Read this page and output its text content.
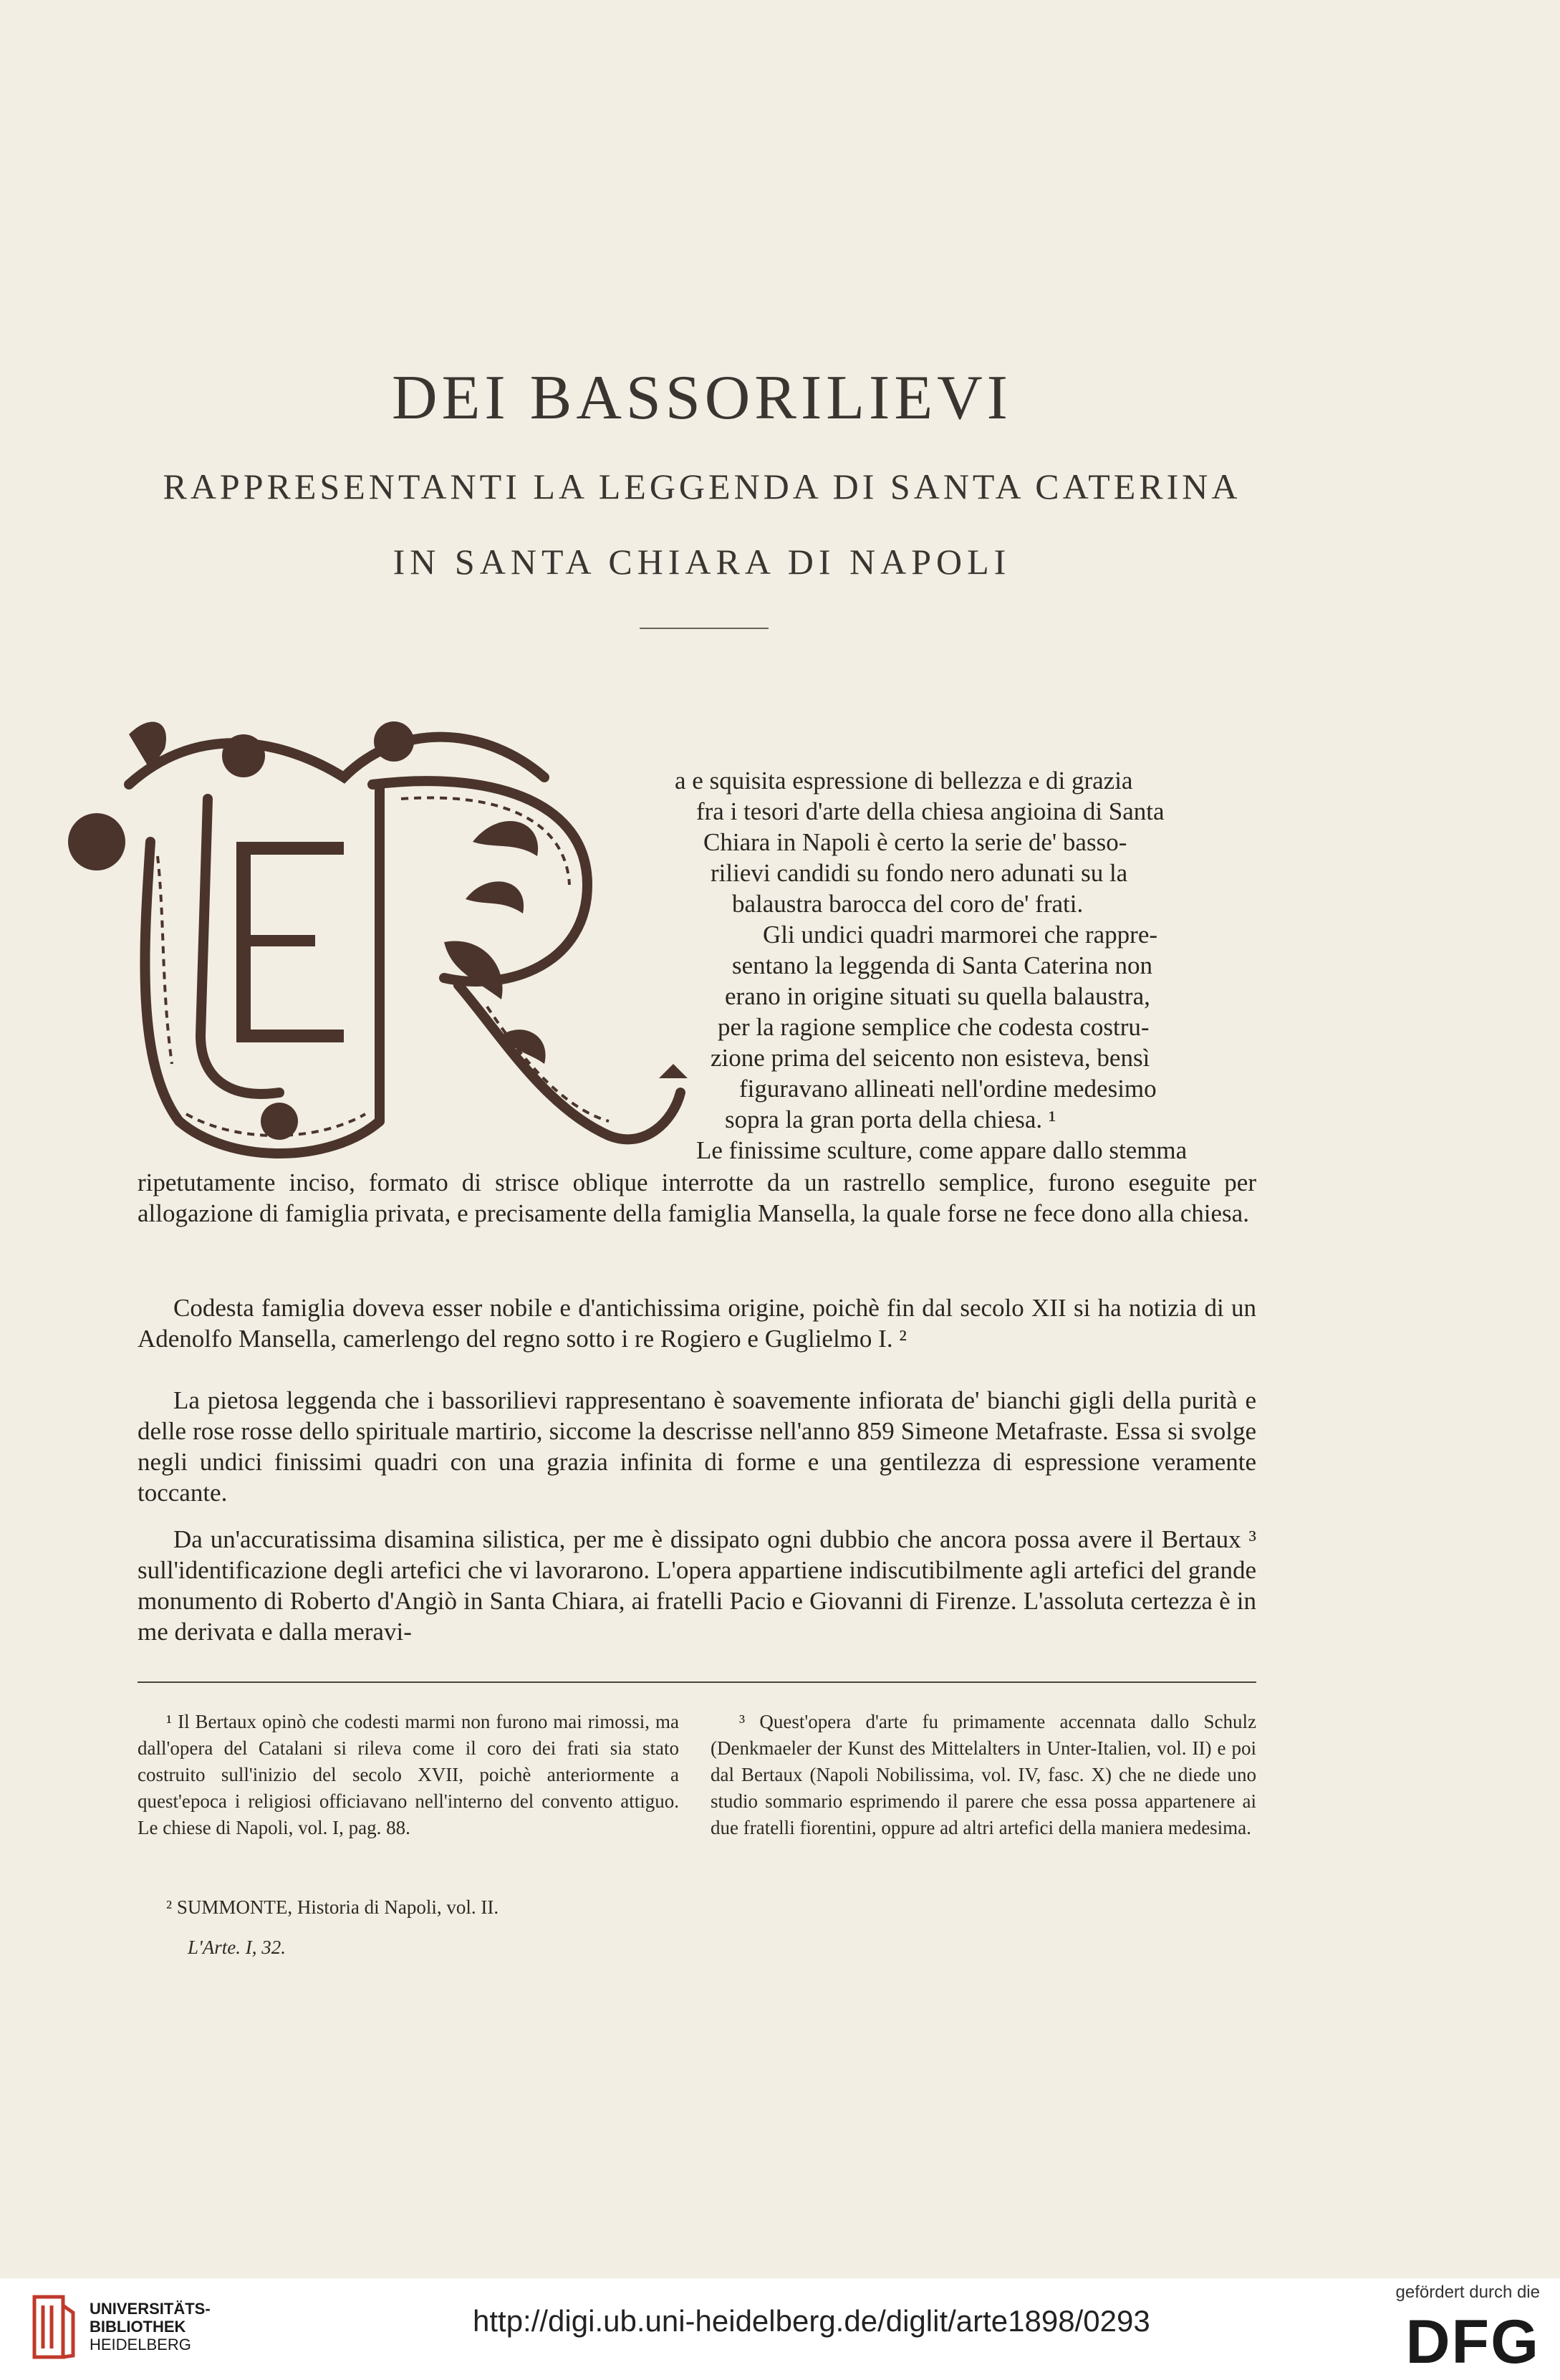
DEI BASSORILIEVI
RAPPRESENTANTI LA LEGGENDA DI SANTA CATERINA
IN SANTA CHIARA DI NAPOLI
a e squisita espressione di bellezza e di grazia
fra i tesori d'arte della chiesa angioina di Santa
Chiara in Napoli è certo la serie de' basso-
rilievi candidi su fondo nero adunati su la
balaustra barocca del coro de' frati.
Gli undici quadri marmorei che rappre-
sentano la leggenda di Santa Caterina non
erano in origine situati su quella balaustra,
per la ragione semplice che codesta costru-
zione prima del seicento non esisteva, bensì
figuravano allineati nell'ordine medesimo
sopra la gran porta della chiesa. ¹
Le finissime sculture, come appare dallo stemma
ripetutamente inciso, formato di strisce oblique interrotte da un rastrello semplice, furono eseguite per allogazione di famiglia privata, e precisamente della famiglia Mansella, la quale forse ne fece dono alla chiesa.
Codesta famiglia doveva esser nobile e d'antichissima origine, poichè fin dal secolo XII si ha notizia di un Adenolfo Mansella, camerlengo del regno sotto i re Rogiero e Guglielmo I. ²
La pietosa leggenda che i bassorilievi rappresentano è soavemente infiorata de' bianchi gigli della purità e delle rose rosse dello spirituale martirio, siccome la descrisse nell'anno 859 Simeone Metafraste. Essa si svolge negli undici finissimi quadri con una grazia infinita di forme e una gentilezza di espressione veramente toccante.
Da un'accuratissima disamina silistica, per me è dissipato ogni dubbio che ancora possa avere il Bertaux ³ sull'identificazione degli artefici che vi lavorarono. L'opera appartiene indiscutibilmente agli artefici del grande monumento di Roberto d'Angiò in Santa Chiara, ai fratelli Pacio e Giovanni di Firenze. L'assoluta certezza è in me derivata e dalla meravi-
¹ Il Bertaux opinò che codesti marmi non furono mai rimossi, ma dall'opera del Catalani si rileva come il coro dei frati sia stato costruito sull'inizio del secolo XVII, poichè anteriormente a quest'epoca i religiosi officiavano nell'interno del convento attiguo. Le chiese di Napoli, vol. I, pag. 88.
² SUMMONTE, Historia di Napoli, vol. II.
L'Arte. I, 32.
³ Quest'opera d'arte fu primamente accennata dallo Schulz (Denkmaeler der Kunst des Mittelalters in Unter-Italien, vol. II) e poi dal Bertaux (Napoli Nobilissima, vol. IV, fasc. X) che ne diede uno studio sommario esprimendo il parere che essa possa appartenere ai due fratelli fiorentini, oppure ad altri artefici della maniera medesima.
UNIVERSITÄTS-
BIBLIOTHEK
HEIDELBERG
http://digi.ub.uni-heidelberg.de/diglit/arte1898/0293
gefördert durch die
DFG
